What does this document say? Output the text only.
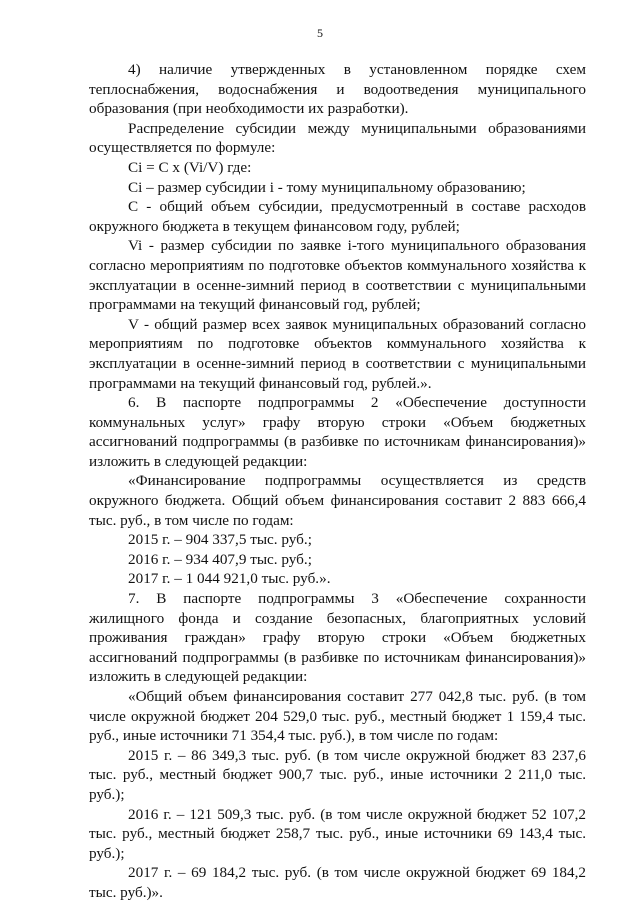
5

4) наличие утвержденных в установленном порядке схем теплоснабжения, водоснабжения и водоотведения муниципального образования (при необходимости их разработки).

Распределение субсидии между муниципальными образованиями осуществляется по формуле:

Ci = C x (Vi/V) где:

Ci – размер субсидии i - тому муниципальному образованию;

C - общий объем субсидии, предусмотренный в составе расходов окружного бюджета в текущем финансовом году, рублей;

Vi - размер субсидии по заявке i-того муниципального образования согласно мероприятиям по подготовке объектов коммунального хозяйства к эксплуатации в осенне-зимний период в соответствии с муниципальными программами на текущий финансовый год, рублей;

V - общий размер всех заявок муниципальных образований согласно мероприятиям по подготовке объектов коммунального хозяйства к эксплуатации в осенне-зимний период в соответствии с муниципальными программами на текущий финансовый год, рублей.».

6. В паспорте подпрограммы 2 «Обеспечение доступности коммунальных услуг» графу вторую строки «Объем бюджетных ассигнований подпрограммы (в разбивке по источникам финансирования)» изложить в следующей редакции:

«Финансирование подпрограммы осуществляется из средств окружного бюджета. Общий объем финансирования составит 2 883 666,4 тыс. руб., в том числе по годам:

2015 г. – 904 337,5 тыс. руб.;

2016 г. – 934 407,9 тыс. руб.;

2017 г. – 1 044 921,0 тыс. руб.».

7. В паспорте подпрограммы 3 «Обеспечение сохранности жилищного фонда и создание безопасных, благоприятных условий проживания граждан» графу вторую строки «Объем бюджетных ассигнований подпрограммы (в разбивке по источникам финансирования)» изложить в следующей редакции:

«Общий объем финансирования составит 277 042,8 тыс. руб. (в том числе окружной бюджет 204 529,0 тыс. руб., местный бюджет 1 159,4 тыс. руб., иные источники 71 354,4 тыс. руб.), в том числе по годам:

2015 г. – 86 349,3 тыс. руб. (в том числе окружной бюджет 83 237,6 тыс. руб., местный бюджет 900,7 тыс. руб., иные источники 2 211,0 тыс. руб.);

2016 г. – 121 509,3 тыс. руб. (в том числе окружной бюджет 52 107,2 тыс. руб., местный бюджет 258,7 тыс. руб., иные источники 69 143,4 тыс. руб.);

2017 г. – 69 184,2 тыс. руб. (в том числе окружной бюджет 69 184,2 тыс. руб.)».
